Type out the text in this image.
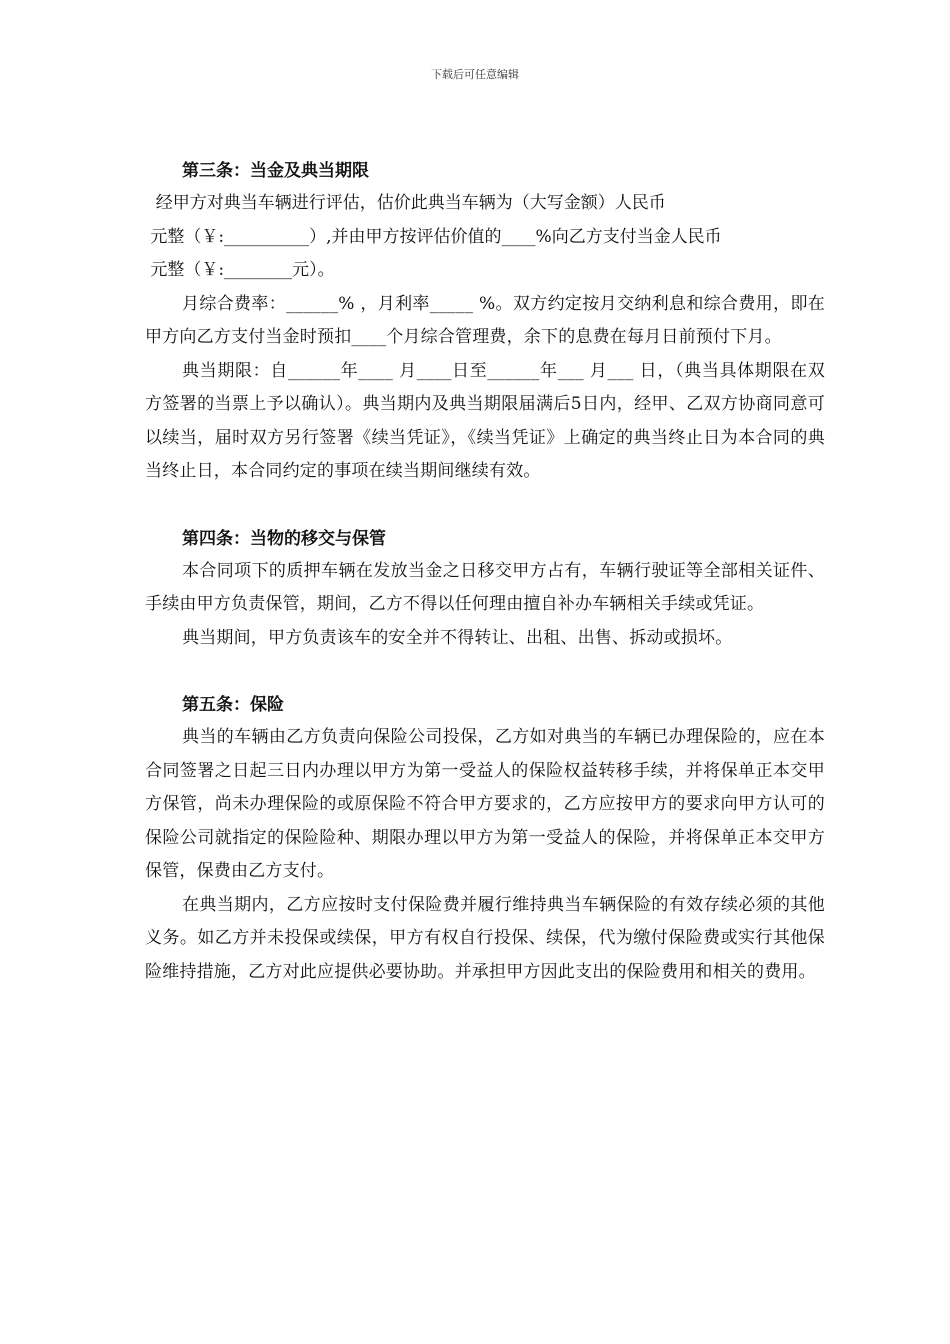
下载后可任意编辑

第三条：当金及典当期限

经甲方对典当车辆进行评估，估价此典当车辆为（大写金额）人民币

元整（￥:__________）,并由甲方按评估价值的____%向乙方支付当金人民币

元整（￥:________元）。

月综合费率：______% ，月利率_____ %。双方约定按月交纳利息和综合费用，即在甲方向乙方支付当金时预扣____个月综合管理费，余下的息费在每月日前预付下月。

典当期限：自______年____ 月____日至______年___ 月___ 日，（典当具体期限在双方签署的当票上予以确认）。典当期内及典当期限届满后5日内，经甲、乙双方协商同意可以续当，届时双方另行签署《续当凭证》，《续当凭证》上确定的典当终止日为本合同的典当终止日，本合同约定的事项在续当期间继续有效。

第四条：当物的移交与保管

本合同项下的质押车辆在发放当金之日移交甲方占有，车辆行驶证等全部相关证件、手续由甲方负责保管，期间，乙方不得以任何理由擅自补办车辆相关手续或凭证。

典当期间，甲方负责该车的安全并不得转让、出租、出售、拆动或损坏。

第五条：保险

典当的车辆由乙方负责向保险公司投保，乙方如对典当的车辆已办理保险的，应在本合同签署之日起三日内办理以甲方为第一受益人的保险权益转移手续，并将保单正本交甲方保管，尚未办理保险的或原保险不符合甲方要求的，乙方应按甲方的要求向甲方认可的保险公司就指定的保险险种、期限办理以甲方为第一受益人的保险，并将保单正本交甲方保管，保费由乙方支付。

在典当期内，乙方应按时支付保险费并履行维持典当车辆保险的有效存续必须的其他义务。如乙方并未投保或续保，甲方有权自行投保、续保，代为缴付保险费或实行其他保险维持措施，乙方对此应提供必要协助。并承担甲方因此支出的保险费用和相关的费用。
